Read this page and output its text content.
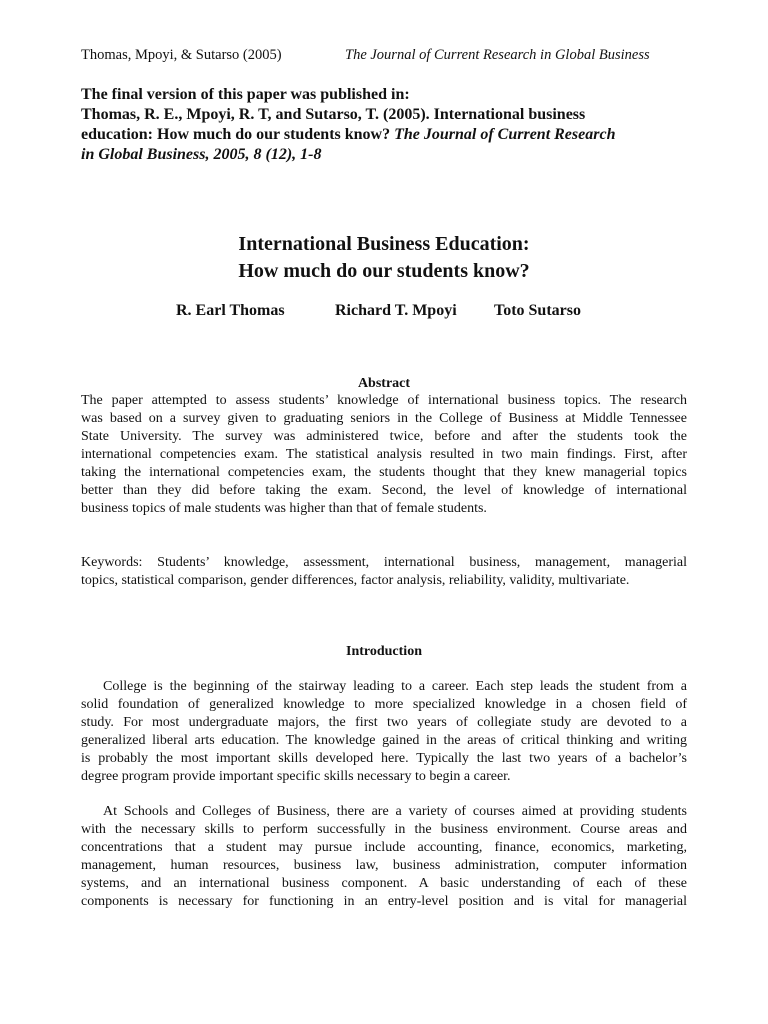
Thomas, Mpoyi, & Sutarso (2005)	The Journal of Current Research in Global Business
The final version of this paper was published in:
Thomas, R. E., Mpoyi, R. T, and Sutarso, T. (2005). International business
education: How much do our students know? The Journal of Current Research
in Global Business, 2005, 8 (12), 1-8
International Business Education:
How much do our students know?
R. Earl Thomas	Richard T. Mpoyi Toto Sutarso
Abstract
The paper attempted to assess students’ knowledge of international business topics. The research
was based on a survey given to graduating seniors in the College of Business at Middle Tennessee
State University. The survey was administered twice, before and after the students took the
international competencies exam. The statistical analysis resulted in two main findings. First, after
taking the international competencies exam, the students thought that they knew managerial topics
better than they did before taking the exam. Second, the level of knowledge of international
business topics of male students was higher than that of female students.
Keywords: Students’ knowledge, assessment, international business, management, managerial
topics, statistical comparison, gender differences, factor analysis, reliability, validity, multivariate.
Introduction
College is the beginning of the stairway leading to a career. Each step leads the student from a
solid foundation of generalized knowledge to more specialized knowledge in a chosen field of
study. For most undergraduate majors, the first two years of collegiate study are devoted to a
generalized liberal arts education. The knowledge gained in the areas of critical thinking and writing
is probably the most important skills developed here. Typically the last two years of a bachelor’s
degree program provide important specific skills necessary to begin a career.
At Schools and Colleges of Business, there are a variety of courses aimed at providing students
with the necessary skills to perform successfully in the business environment. Course areas and
concentrations that a student may pursue include accounting, finance, economics, marketing,
management, human resources, business law, business administration, computer information
systems, and an international business component. A basic understanding of each of these
components is necessary for functioning in an entry-level position and is vital for managerial
